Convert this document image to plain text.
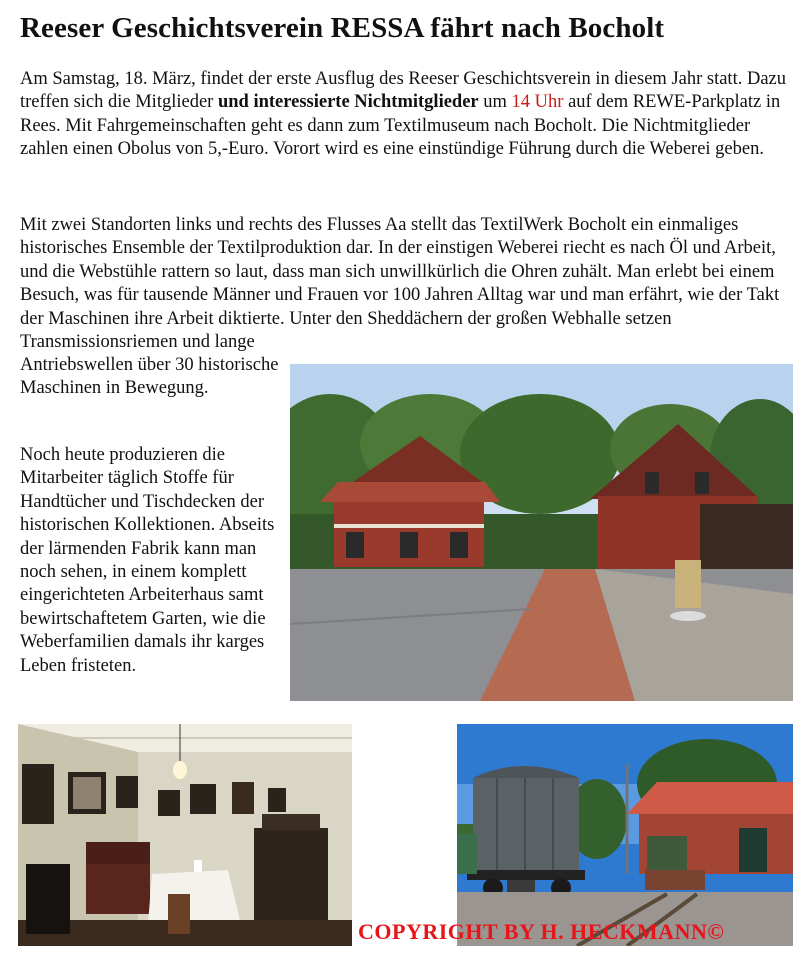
Reeser Geschichtsverein RESSA fährt nach Bocholt

Am Samstag, 18. März, findet der erste Ausflug des Reeser Geschichtsverein in diesem Jahr statt. Dazu treffen sich die Mitglieder und interessierte Nichtmitglieder um 14 Uhr auf dem REWE-Parkplatz in Rees. Mit Fahrgemeinschaften geht es dann zum Textilmuseum nach Bocholt. Die Nichtmitglieder zahlen einen Obolus von 5,-Euro. Vorort wird es eine einstündige Führung durch die Weberei geben.

Mit zwei Standorten links und rechts des Flusses Aa stellt das TextilWerk Bocholt ein einmaliges historisches Ensemble der Textilproduktion dar. In der einstigen Weberei riecht es nach Öl und Arbeit, und die Webstühle rattern so laut, dass man sich unwillkürlich die Ohren zuhält. Man erlebt bei einem Besuch, was für tausende Männer und Frauen vor 100 Jahren Alltag war und man erfährt, wie der Takt der Maschinen ihre Arbeit diktierte. Unter den Sheddächern der großen Webhalle setzen Transmissionsriemen und lange

Antriebswellen über 30 historische Maschinen in Bewegung.

Noch heute produzieren die Mitarbeiter täglich Stoffe für Handtücher und Tischdecken der historischen Kollektionen. Abseits der lärmenden Fabrik kann man noch sehen, in einem komplett eingerichteten Arbeiterhaus samt bewirtschaftetem Garten, wie die Weberfamilien damals ihr karges Leben fristeten.

COPYRIGHT BY H. HECKMANN©
